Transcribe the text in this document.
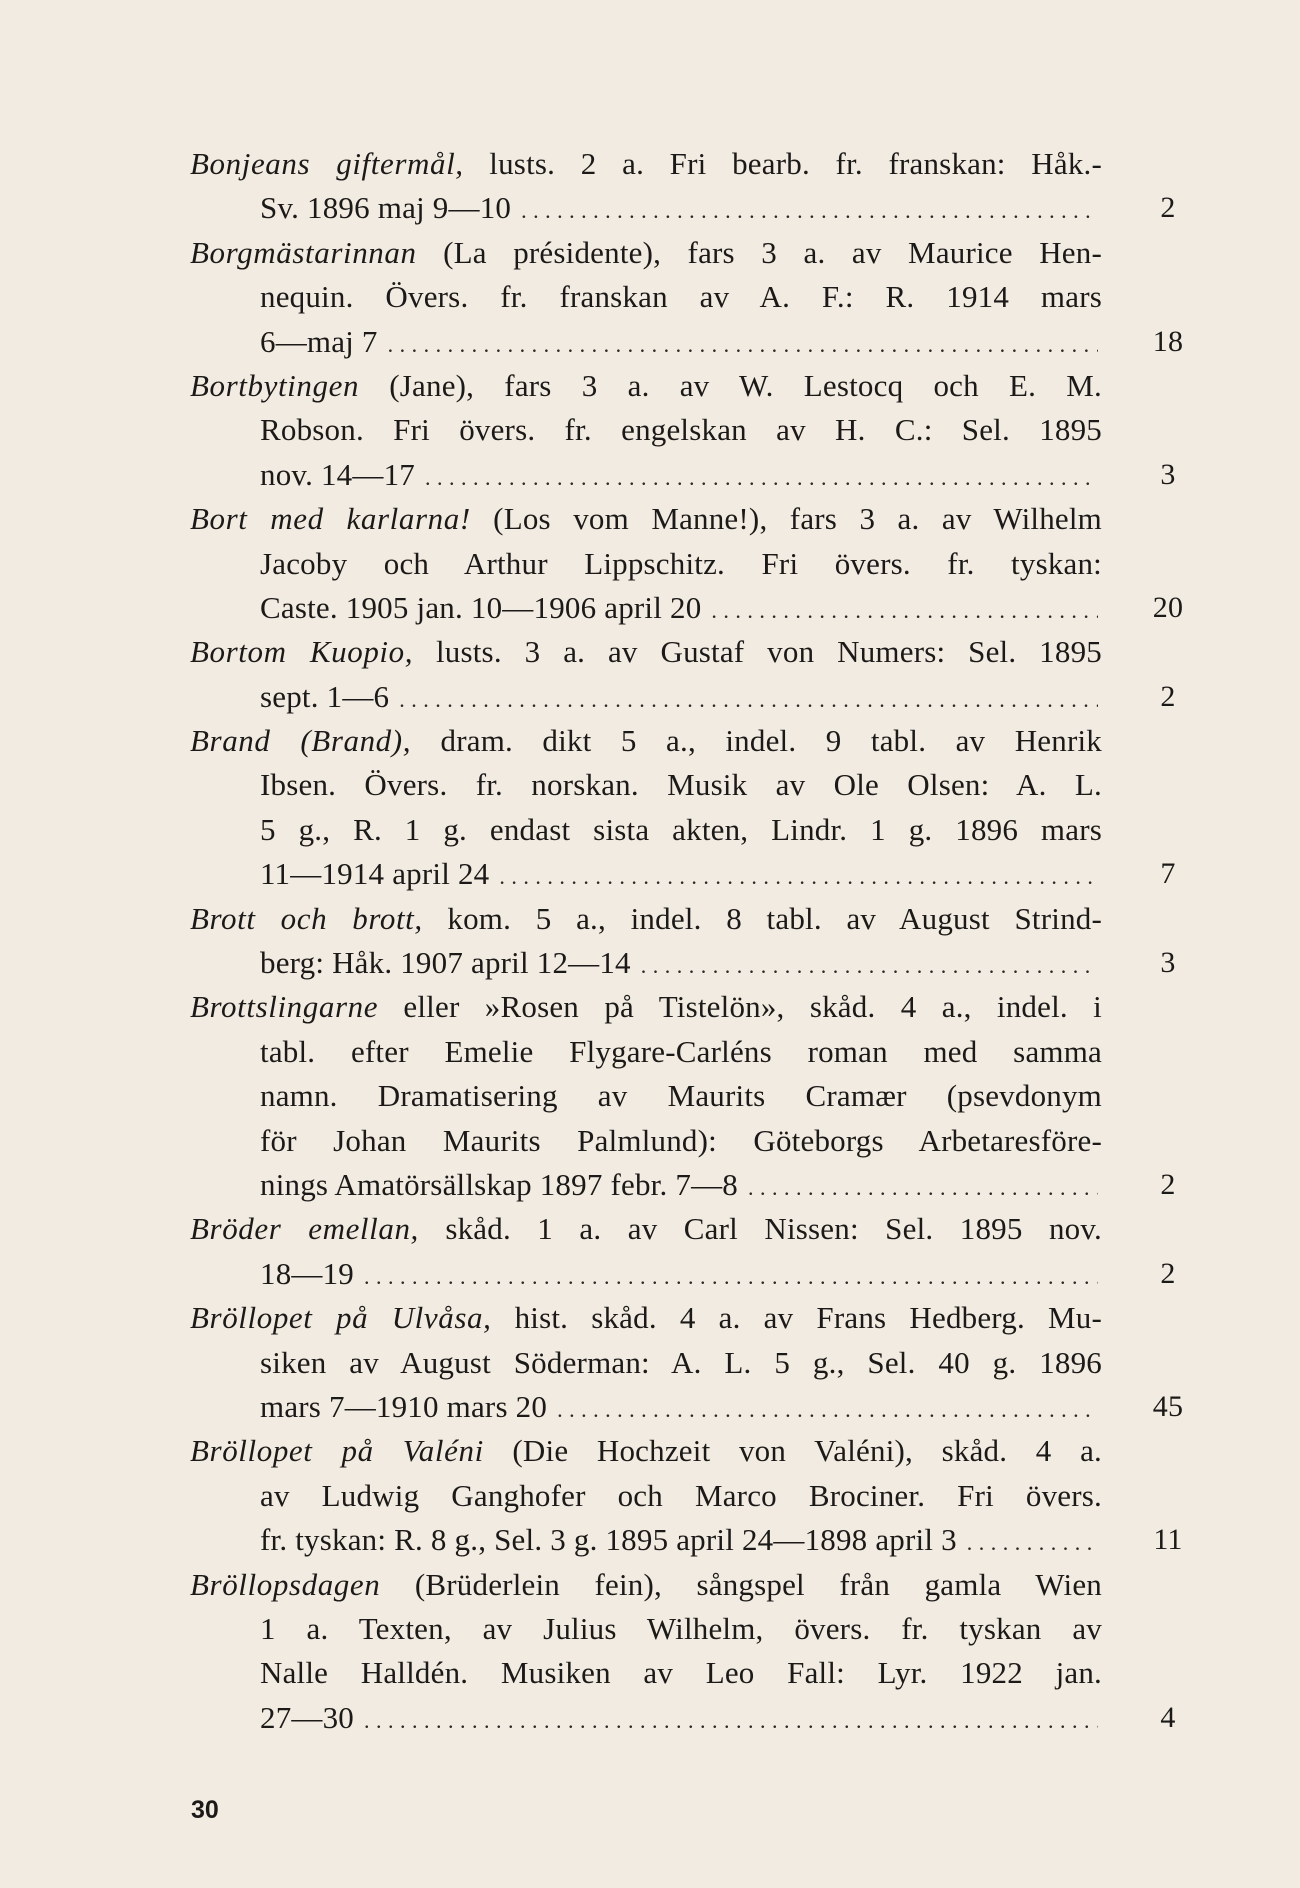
Bonjeans giftermål, lusts. 2 a. Fri bearb. fr. franskan: Håk.-
Sv. 1896 maj 9—10 . . .	2
Borgmästarinnan (La présidente), fars 3 a. av Maurice Hen-
nequin. Övers. fr. franskan av A. F.: R. 1914 mars
6—maj 7 . . .	18
Bortbytingen (Jane), fars 3 a. av W. Lestocq och E. M.
Robson. Fri övers. fr. engelskan av H. C.: Sel. 1895
nov. 14—17 . . .	3
Bort med karlarna! (Los vom Manne!), fars 3 a. av Wilhelm
Jacoby och Arthur Lippschitz. Fri övers. fr. tyskan:
Caste. 1905 jan. 10—1906 april 20 . . .	20
Bortom Kuopio, lusts. 3 a. av Gustaf von Numers: Sel. 1895
sept. 1—6 . . .	2
Brand (Brand), dram. dikt 5 a., indel. 9 tabl. av Henrik
Ibsen. Övers. fr. norskan. Musik av Ole Olsen: A. L.
5 g., R. 1 g. endast sista akten, Lindr. 1 g. 1896 mars
11—1914 april 24 . . .	7
Brott och brott, kom. 5 a., indel. 8 tabl. av August Strind-
berg: Håk. 1907 april 12—14 . . .	3
Brottslingarne eller »Rosen på Tistelön», skåd. 4 a., indel. i
tabl. efter Emelie Flygare-Carléns roman med samma
namn. Dramatisering av Maurits Cramær (psevdonym
för Johan Maurits Palmlund): Göteborgs Arbetaresföre-
nings Amatörsällskap 1897 febr. 7—8 . . .	2
Bröder emellan, skåd. 1 a. av Carl Nissen: Sel. 1895 nov.
18—19 . . .	2
Bröllopet på Ulvåsa, hist. skåd. 4 a. av Frans Hedberg. Mu-
siken av August Söderman: A. L. 5 g., Sel. 40 g. 1896
mars 7—1910 mars 20 . . .	45
Bröllopet på Valéni (Die Hochzeit von Valéni), skåd. 4 a.
av Ludwig Ganghofer och Marco Brociner. Fri övers.
fr. tyskan: R. 8 g., Sel. 3 g. 1895 april 24—1898 april 3 . . .	11
Bröllopsdagen (Brüderlein fein), sångspel från gamla Wien
1 a. Texten, av Julius Wilhelm, övers. fr. tyskan av
Nalle Halldén. Musiken av Leo Fall: Lyr. 1922 jan.
27—30 . . .	4
30
